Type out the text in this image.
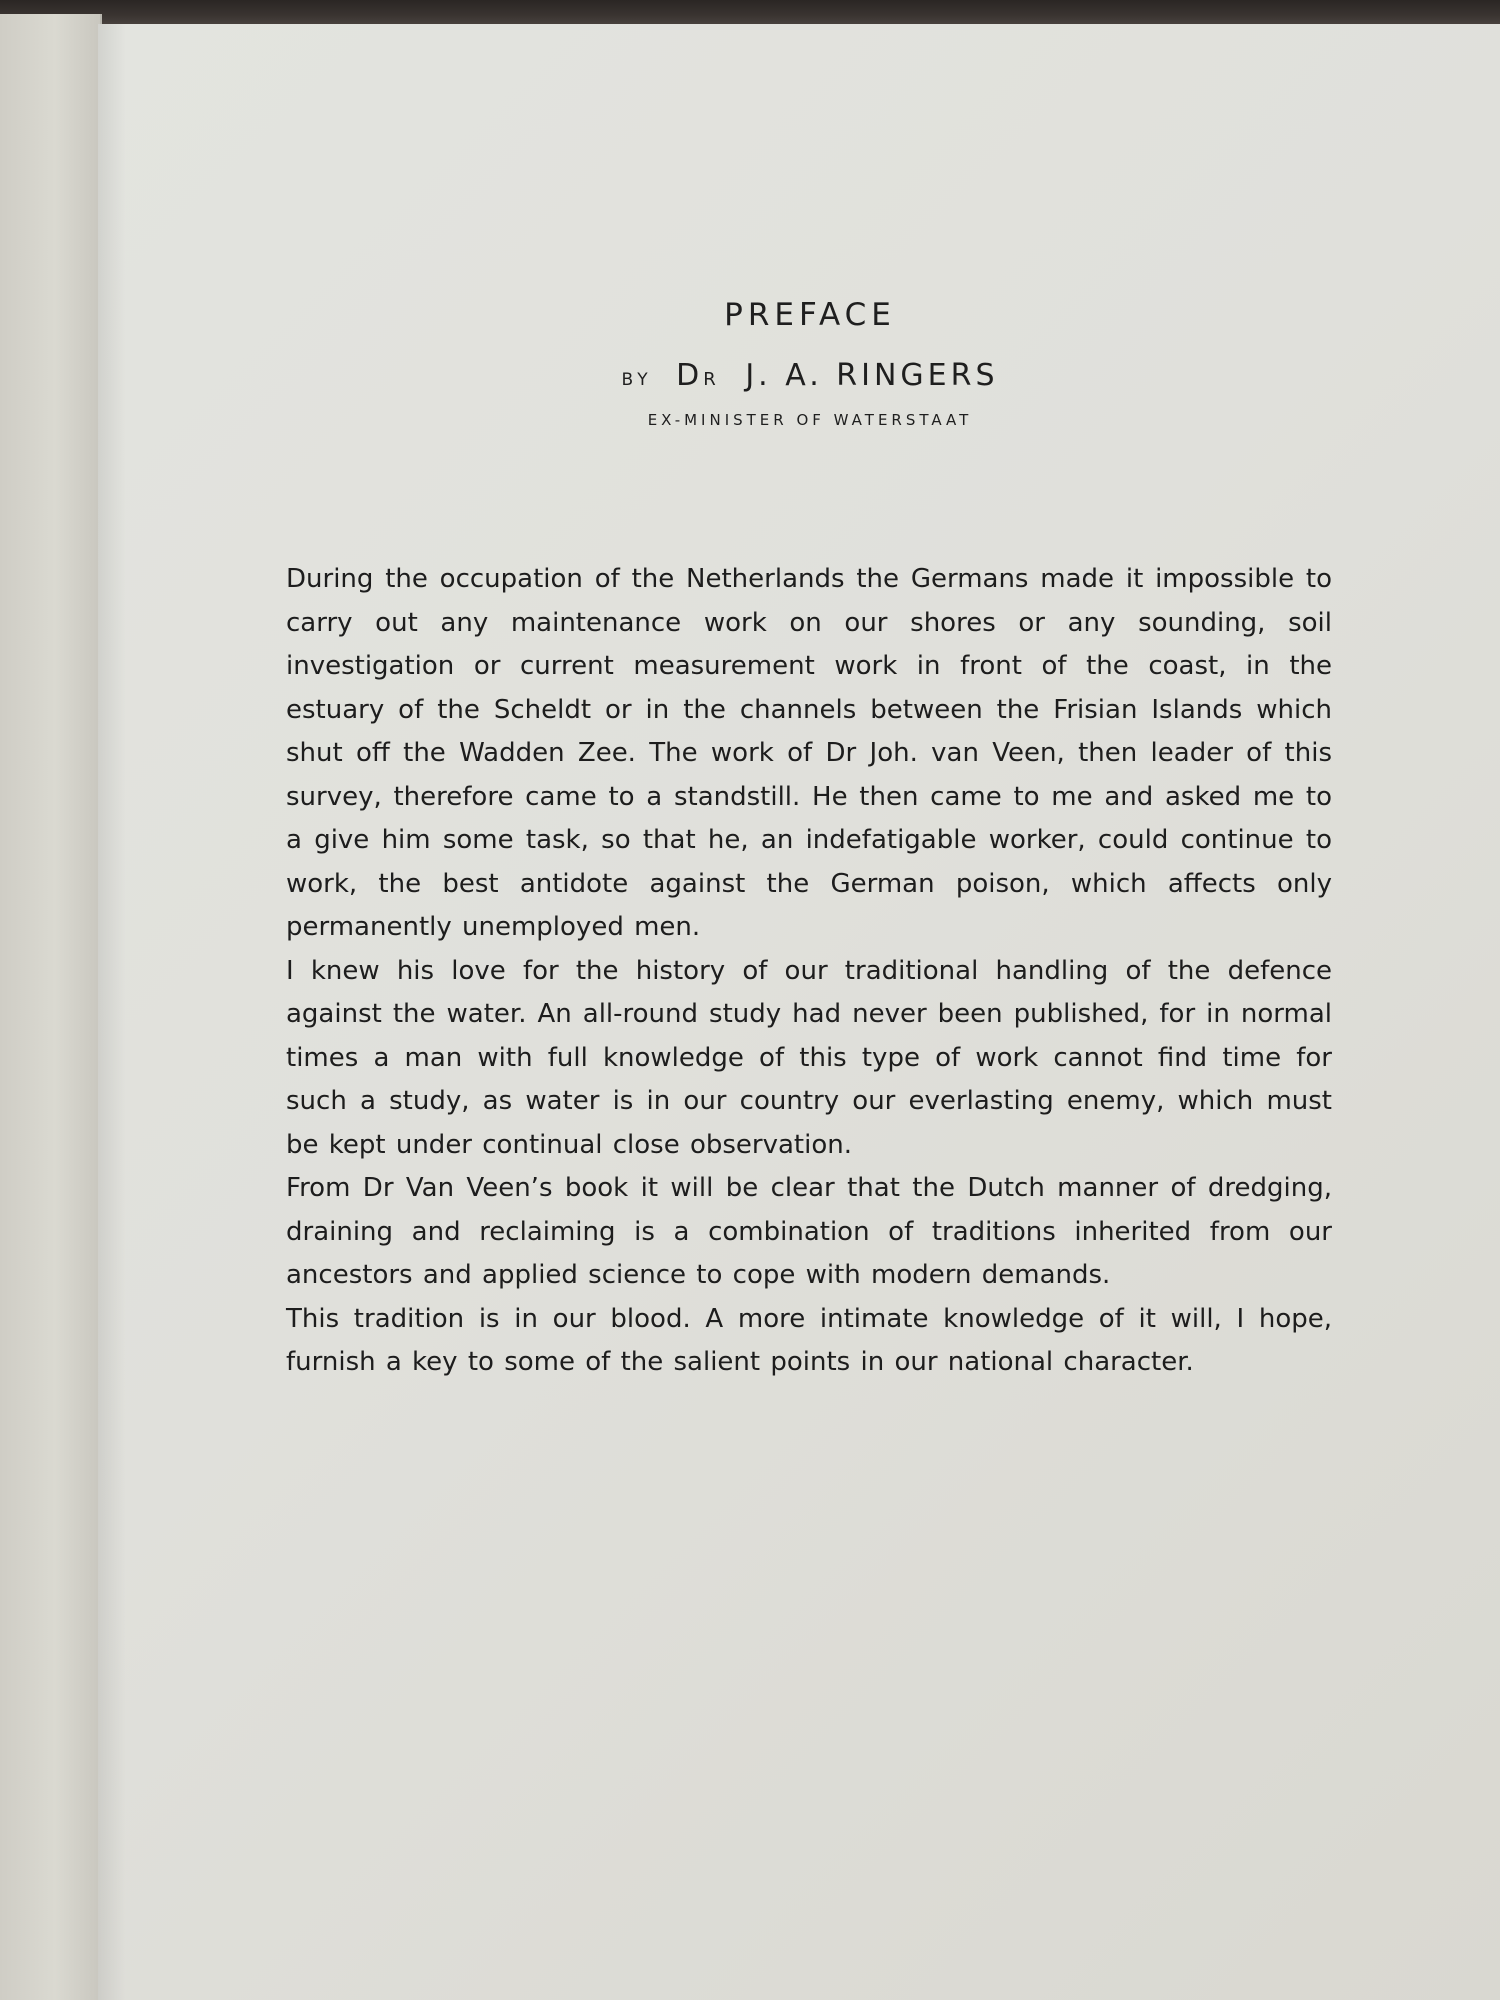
PREFACE
BY DR J. A. RINGERS
EX-MINISTER OF WATERSTAAT

During the occupation of the Netherlands the Germans made it impossible to carry out any maintenance work on our shores or any sounding, soil investigation or current measurement work in front of the coast, in the estuary of the Scheldt or in the channels between the Frisian Islands which shut off the Wadden Zee. The work of Dr Joh. van Veen, then leader of this survey, therefore came to a standstill. He then came to me and asked me to a give him some task, so that he, an indefatigable worker, could continue to work, the best antidote against the German poison, which affects only permanently unemployed men.

I knew his love for the history of our traditional handling of the defence against the water. An all-round study had never been published, for in normal times a man with full knowledge of this type of work cannot find time for such a study, as water is in our country our everlasting enemy, which must be kept under continual close observation.

From Dr Van Veen’s book it will be clear that the Dutch manner of dredging, draining and reclaiming is a combination of traditions inherited from our ancestors and applied science to cope with modern demands.

This tradition is in our blood. A more intimate knowledge of it will, I hope, furnish a key to some of the salient points in our national character.
